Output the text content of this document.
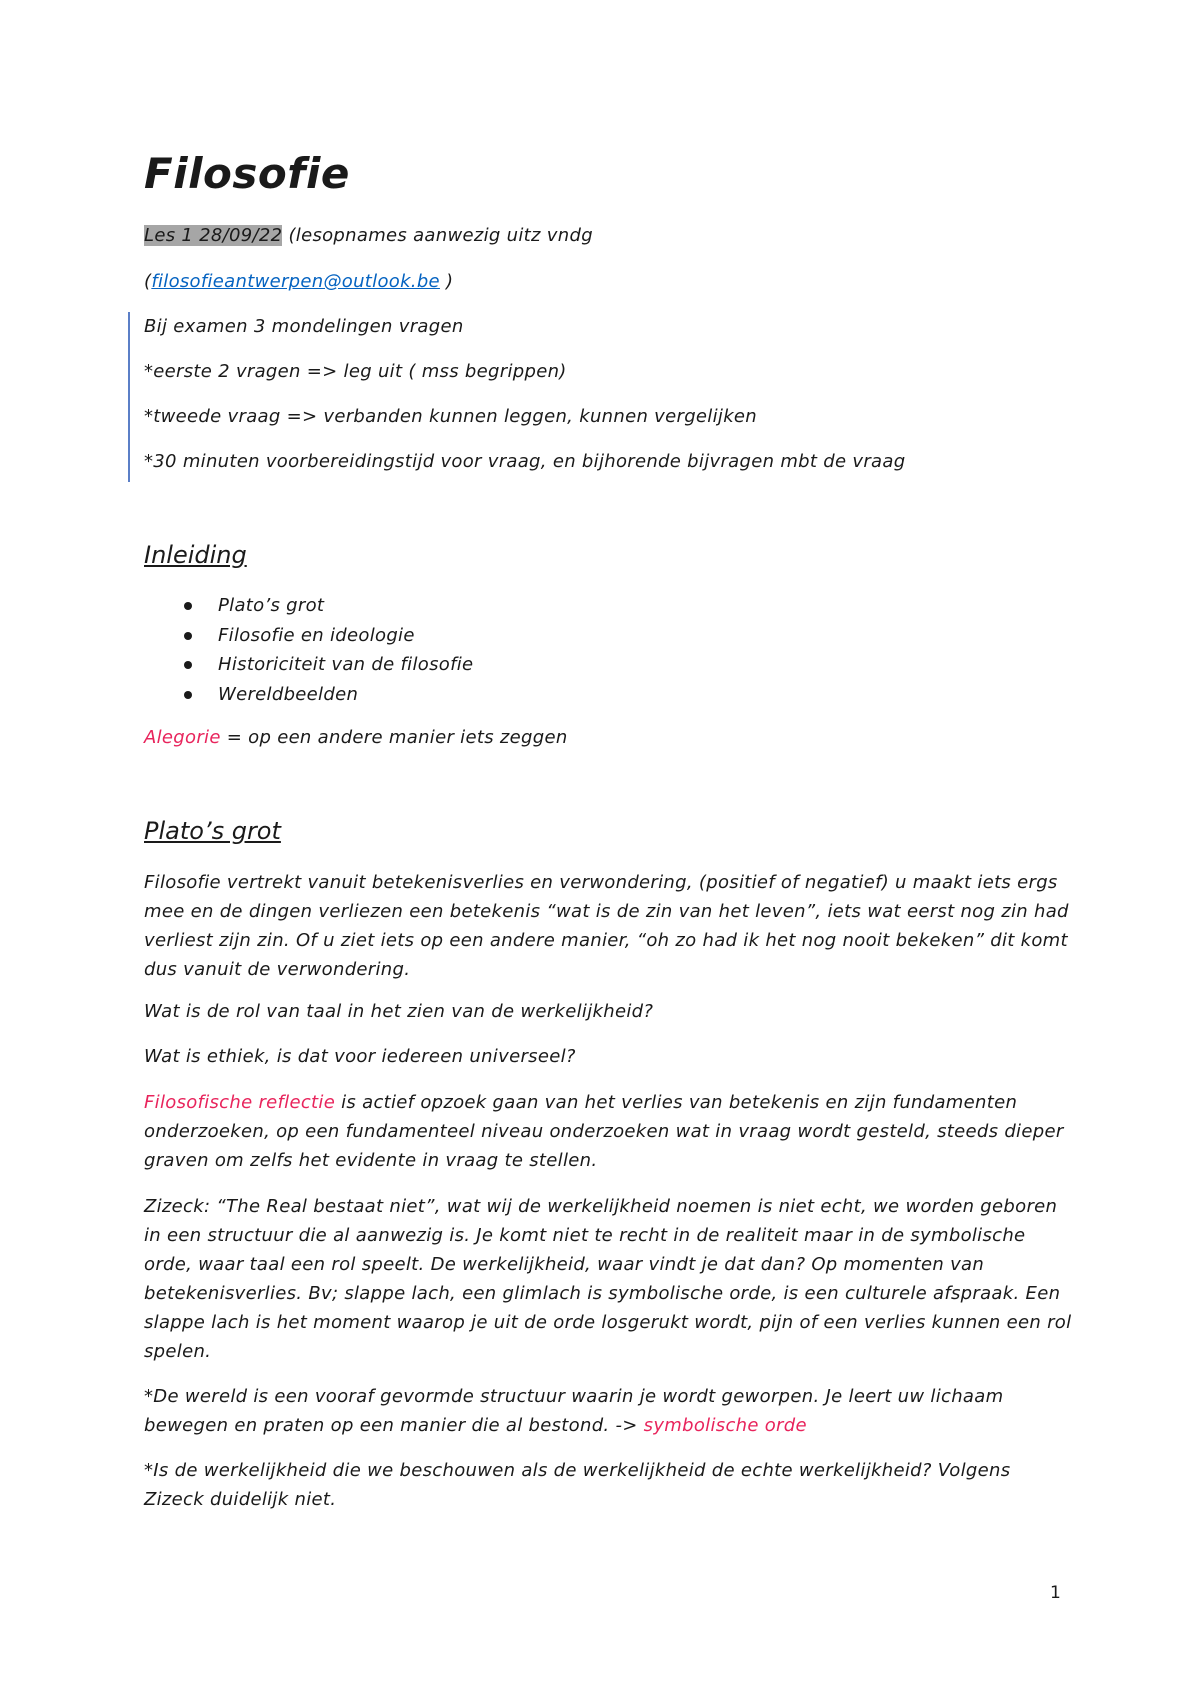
Filosofie

Les 1 28/09/22 (lesopnames aanwezig uitz vndg

(filosofieantwerpen@outlook.be )

Bij examen 3 mondelingen vragen

*eerste 2 vragen => leg uit ( mss begrippen)

*tweede vraag => verbanden kunnen leggen, kunnen vergelijken

*30 minuten voorbereidingstijd voor vraag, en bijhorende bijvragen mbt de vraag

Inleiding
Plato’s grot
Filosofie en ideologie
Historiciteit van de filosofie
Wereldbeelden

Alegorie = op een andere manier iets zeggen

Plato’s grot

Filosofie vertrekt vanuit betekenisverlies en verwondering, (positief of negatief) u maakt iets ergs mee en de dingen verliezen een betekenis “wat is de zin van het leven”, iets wat eerst nog zin had verliest zijn zin. Of u ziet iets op een andere manier, “oh zo had ik het nog nooit bekeken” dit komt dus vanuit de verwondering.

Wat is de rol van taal in het zien van de werkelijkheid?

Wat is ethiek, is dat voor iedereen universeel?

Filosofische reflectie is actief opzoek gaan van het verlies van betekenis en zijn fundamenten onderzoeken, op een fundamenteel niveau onderzoeken wat in vraag wordt gesteld, steeds dieper graven om zelfs het evidente in vraag te stellen.

Zizeck: “The Real bestaat niet”, wat wij de werkelijkheid noemen is niet echt, we worden geboren in een structuur die al aanwezig is. Je komt niet te recht in de realiteit maar in de symbolische orde, waar taal een rol speelt. De werkelijkheid, waar vindt je dat dan? Op momenten van betekenisverlies. Bv; slappe lach, een glimlach is symbolische orde, is een culturele afspraak. Een slappe lach is het moment waarop je uit de orde losgerukt wordt, pijn of een verlies kunnen een rol spelen.

*De wereld is een vooraf gevormde structuur waarin je wordt geworpen. Je leert uw lichaam bewegen en praten op een manier die al bestond. -> symbolische orde

*Is de werkelijkheid die we beschouwen als de werkelijkheid de echte werkelijkheid? Volgens Zizeck duidelijk niet.

1
